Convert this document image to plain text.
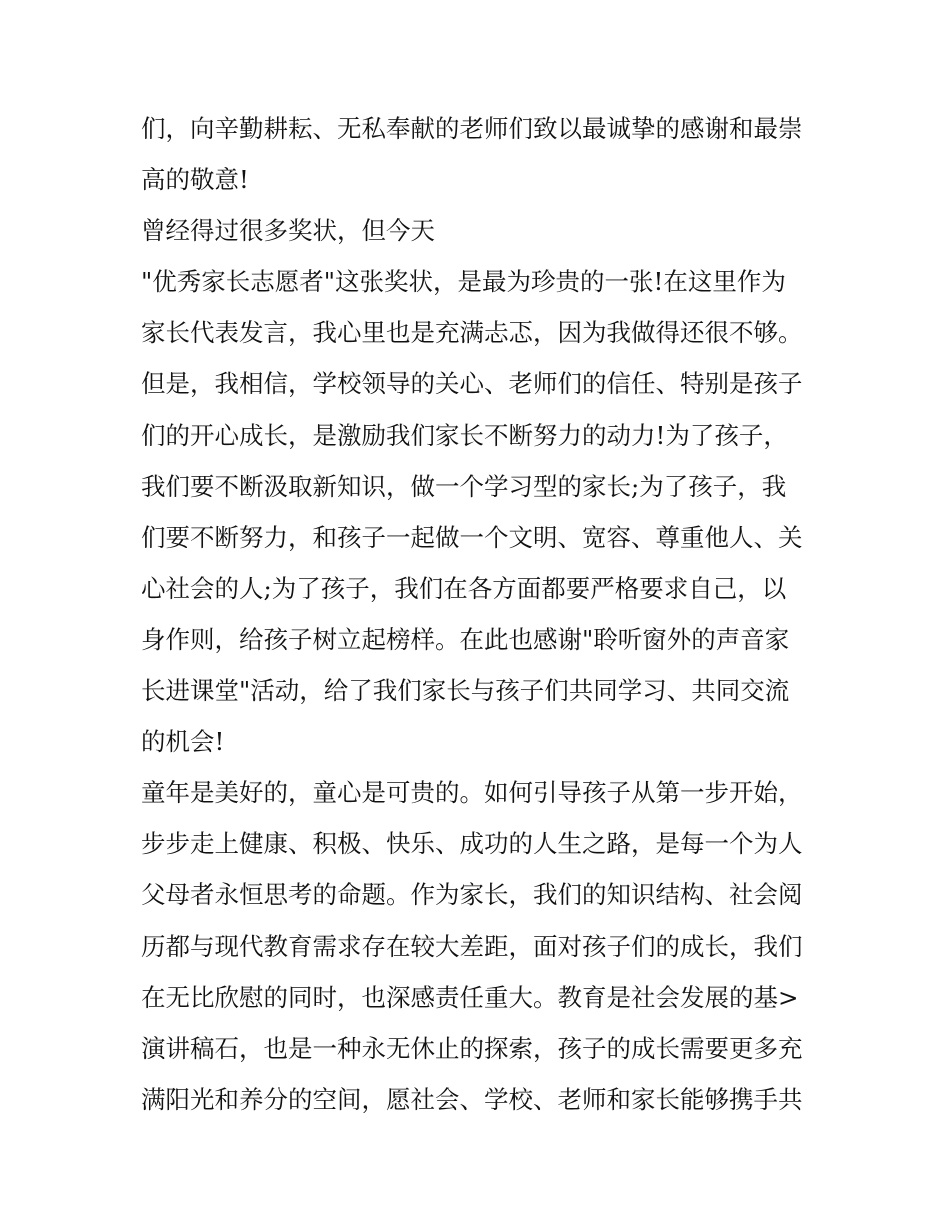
们，向辛勤耕耘、无私奉献的老师们致以最诚挚的感谢和最崇
高的敬意!
曾经得过很多奖状，但今天
"优秀家长志愿者"这张奖状，是最为珍贵的一张!在这里作为
家长代表发言，我心里也是充满忐忑，因为我做得还很不够。
但是，我相信，学校领导的关心、老师们的信任、特别是孩子
们的开心成长，是激励我们家长不断努力的动力!为了孩子，
我们要不断汲取新知识，做一个学习型的家长;为了孩子，我
们要不断努力，和孩子一起做一个文明、宽容、尊重他人、关
心社会的人;为了孩子，我们在各方面都要严格要求自己，以
身作则，给孩子树立起榜样。在此也感谢"聆听窗外的声音家
长进课堂"活动，给了我们家长与孩子们共同学习、共同交流
的机会!
童年是美好的，童心是可贵的。如何引导孩子从第一步开始，
步步走上健康、积极、快乐、成功的人生之路，是每一个为人
父母者永恒思考的命题。作为家长，我们的知识结构、社会阅
历都与现代教育需求存在较大差距，面对孩子们的成长，我们
在无比欣慰的同时，也深感责任重大。教育是社会发展的基>
演讲稿石，也是一种永无休止的探索，孩子的成长需要更多充
满阳光和养分的空间，愿社会、学校、老师和家长能够携手共
